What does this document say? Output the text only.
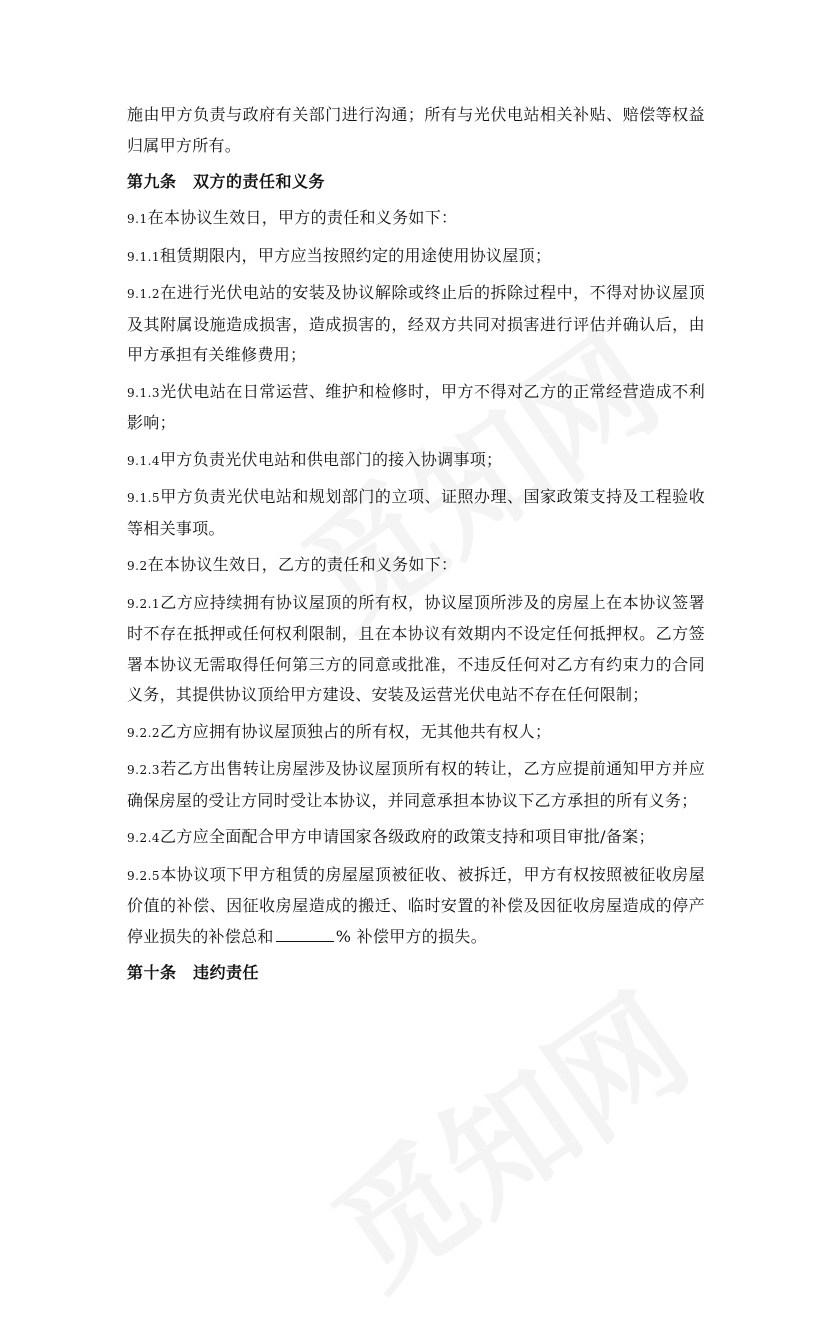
施由甲方负责与政府有关部门进行沟通；所有与光伏电站相关补贴、赔偿等权益归属甲方所有。

第九条　双方的责任和义务

9.1在本协议生效日，甲方的责任和义务如下：

9.1.1租赁期限内，甲方应当按照约定的用途使用协议屋顶；

9.1.2在进行光伏电站的安装及协议解除或终止后的拆除过程中，不得对协议屋顶及其附属设施造成损害，造成损害的，经双方共同对损害进行评估并确认后，由甲方承担有关维修费用；

9.1.3光伏电站在日常运营、维护和检修时，甲方不得对乙方的正常经营造成不利影响；

9.1.4甲方负责光伏电站和供电部门的接入协调事项；

9.1.5甲方负责光伏电站和规划部门的立项、证照办理、国家政策支持及工程验收等相关事项。

9.2在本协议生效日，乙方的责任和义务如下：

9.2.1乙方应持续拥有协议屋顶的所有权，协议屋顶所涉及的房屋上在本协议签署时不存在抵押或任何权利限制，且在本协议有效期内不设定任何抵押权。乙方签署本协议无需取得任何第三方的同意或批准，不违反任何对乙方有约束力的合同义务，其提供协议顶给甲方建设、安装及运营光伏电站不存在任何限制；

9.2.2乙方应拥有协议屋顶独占的所有权，无其他共有权人；

9.2.3若乙方出售转让房屋涉及协议屋顶所有权的转让，乙方应提前通知甲方并应确保房屋的受让方同时受让本协议，并同意承担本协议下乙方承担的所有义务；

9.2.4乙方应全面配合甲方申请国家各级政府的政策支持和项目审批/备案；

9.2.5本协议项下甲方租赁的房屋屋顶被征收、被拆迁，甲方有权按照被征收房屋价值的补偿、因征收房屋造成的搬迁、临时安置的补偿及因征收房屋造成的停产停业损失的补偿总和	% 补偿甲方的损失。

第十条　违约责任
